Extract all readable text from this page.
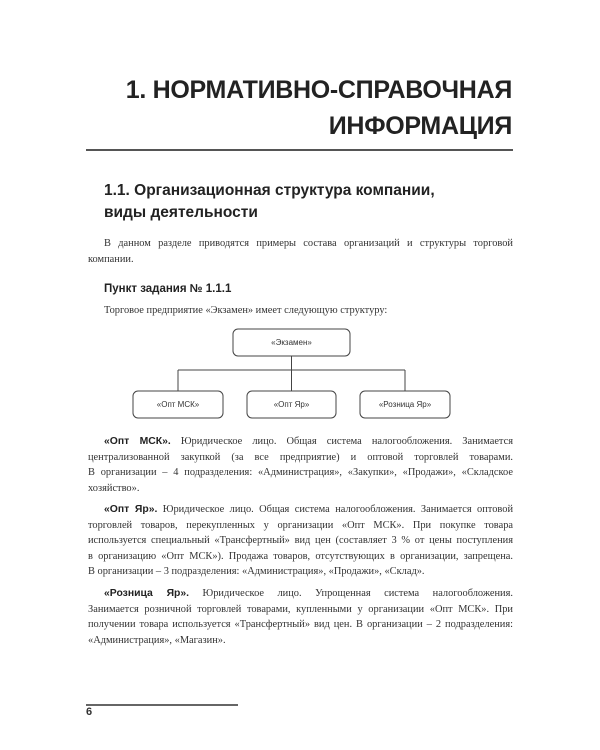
1. НОРМАТИВНО-СПРАВОЧНАЯ
ИНФОРМАЦИЯ
1.1. Организационная структура компании,
виды деятельности
В данном разделе приводятся примеры состава организаций и структуры торговой
компании.
Пункт задания № 1.1.1
Торговое предприятие «Экзамен» имеет следующую структуру:
«Экзамен»
«Опт МСК»	«Опт Яр»	«Розница Яр»
«Опт МСК». Юридическое лицо. Общая система налогообложения. Занимается
централизованной закупкой (за все предприятие) и оптовой торговлей товарами.
В организации – 4 подразделения: «Администрация», «Закупки», «Продажи», «Складское
хозяйство».
«Опт Яр». Юридическое лицо. Общая система налогообложения. Занимается оптовой
торговлей товаров, перекупленных у организации «Опт МСК». При покупке товара
используется специальный «Трансфертный» вид цен (составляет 3 % от цены поступления
в организацию «Опт МСК»). Продажа товаров, отсутствующих в организации, запрещена.
В организации – 3 подразделения: «Администрация», «Продажи», «Склад».
«Розница Яр». Юридическое лицо. Упрощенная система налогообложения.
Занимается розничной торговлей товарами, купленными у организации «Опт МСК». При
получении товара используется «Трансфертный» вид цен. В организации – 2 подразделения:
«Администрация», «Магазин».
6
